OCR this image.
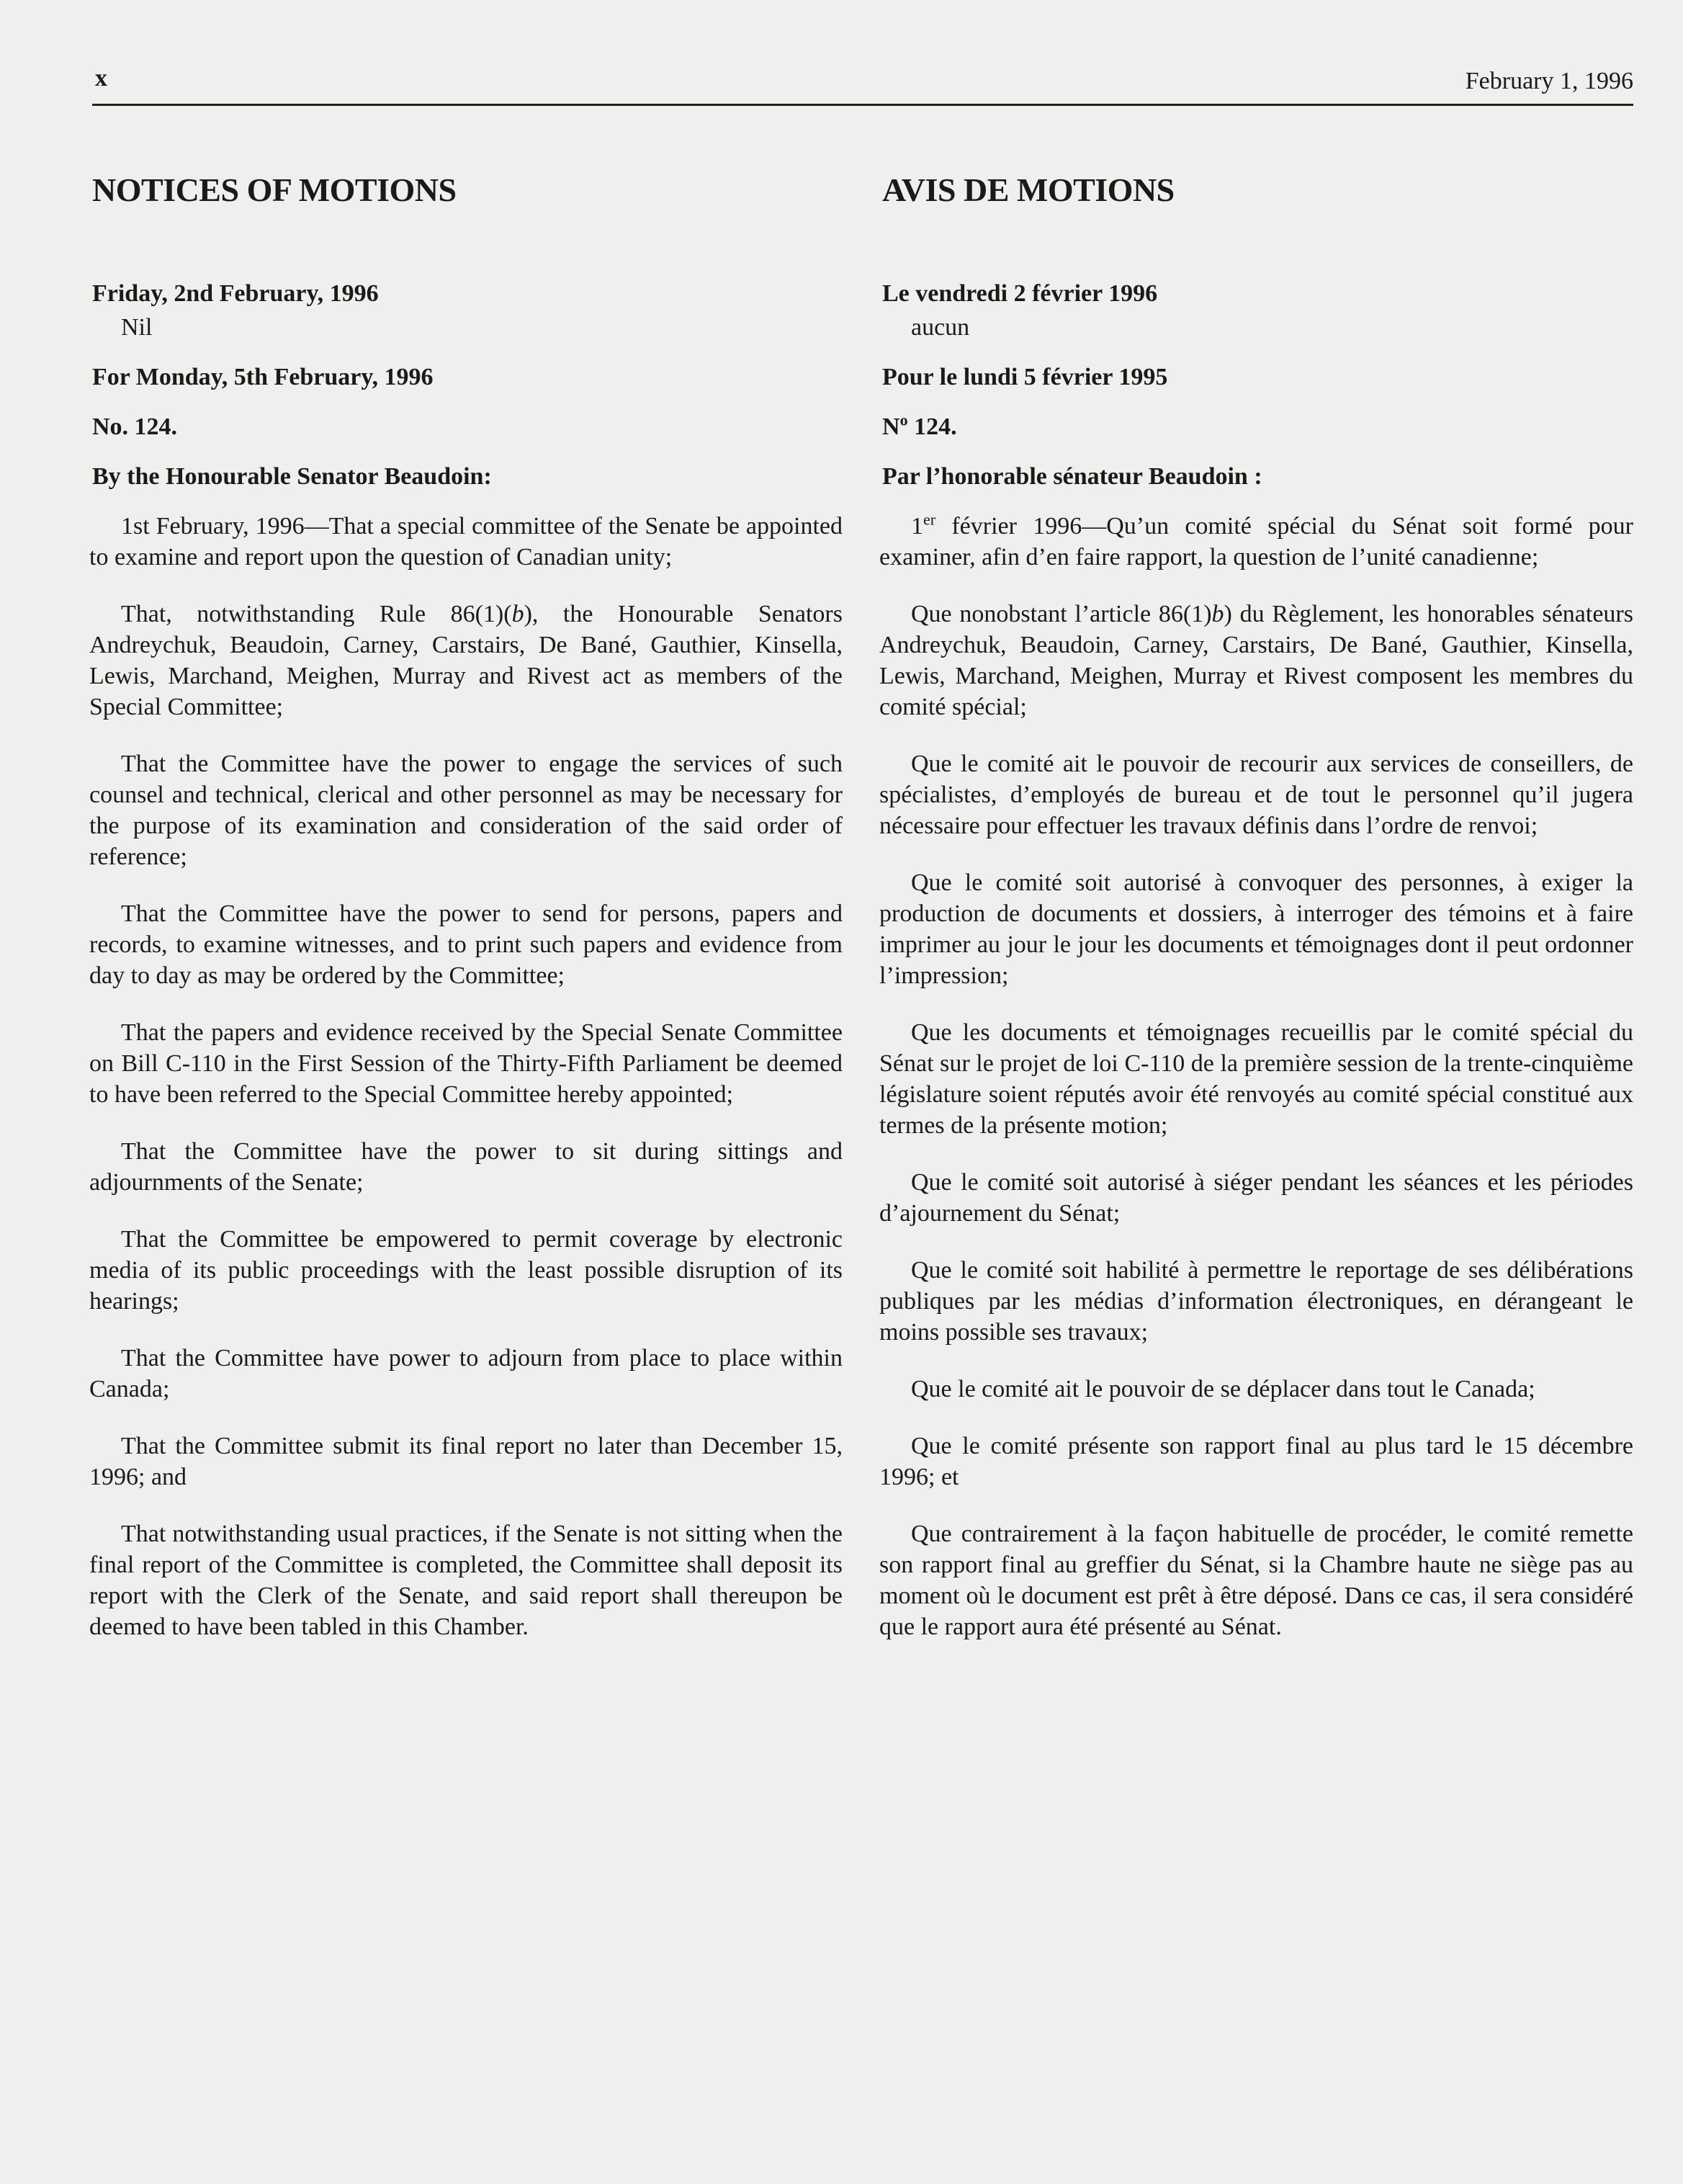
x	February 1, 1996
NOTICES OF MOTIONS
Friday, 2nd February, 1996
Nil
For Monday, 5th February, 1996
No. 124.
By the Honourable Senator Beaudoin:

1st February, 1996—That a special committee of the Senate be appointed to examine and report upon the question of Canadian unity;

That, notwithstanding Rule 86(1)(b), the Honourable Senators Andreychuk, Beaudoin, Carney, Carstairs, De Bané, Gauthier, Kinsella, Lewis, Marchand, Meighen, Murray and Rivest act as members of the Special Committee;

That the Committee have the power to engage the services of such counsel and technical, clerical and other personnel as may be necessary for the purpose of its examination and consideration of the said order of reference;

That the Committee have the power to send for persons, papers and records, to examine witnesses, and to print such papers and evidence from day to day as may be ordered by the Committee;

That the papers and evidence received by the Special Senate Committee on Bill C-110 in the First Session of the Thirty-Fifth Parliament be deemed to have been referred to the Special Committee hereby appointed;

That the Committee have the power to sit during sittings and adjournments of the Senate;

That the Committee be empowered to permit coverage by electronic media of its public proceedings with the least possible disruption of its hearings;

That the Committee have power to adjourn from place to place within Canada;

That the Committee submit its final report no later than December 15, 1996; and

That notwithstanding usual practices, if the Senate is not sitting when the final report of the Committee is completed, the Committee shall deposit its report with the Clerk of the Senate, and said report shall thereupon be deemed to have been tabled in this Chamber.

AVIS DE MOTIONS
Le vendredi 2 février 1996
aucun
Pour le lundi 5 février 1995
$N^o$ 124.
Par l’honorable sénateur Beaudoin :

1er février 1996—Qu’un comité spécial du Sénat soit formé pour examiner, afin d’en faire rapport, la question de l’unité canadienne;

Que nonobstant l’article 86(1)b) du Règlement, les honorables sénateurs Andreychuk, Beaudoin, Carney, Carstairs, De Bané, Gauthier, Kinsella, Lewis, Marchand, Meighen, Murray et Rivest composent les membres du comité spécial;

Que le comité ait le pouvoir de recourir aux services de conseillers, de spécialistes, d’employés de bureau et de tout le personnel qu’il jugera nécessaire pour effectuer les travaux définis dans l’ordre de renvoi;

Que le comité soit autorisé à convoquer des personnes, à exiger la production de documents et dossiers, à interroger des témoins et à faire imprimer au jour le jour les documents et témoignages dont il peut ordonner l’impression;

Que les documents et témoignages recueillis par le comité spécial du Sénat sur le projet de loi C-110 de la première session de la trente-cinquième législature soient réputés avoir été renvoyés au comité spécial constitué aux termes de la présente motion;

Que le comité soit autorisé à siéger pendant les séances et les périodes d’ajournement du Sénat;

Que le comité soit habilité à permettre le reportage de ses délibérations publiques par les médias d’information électroniques, en dérangeant le moins possible ses travaux;

Que le comité ait le pouvoir de se déplacer dans tout le Canada;

Que le comité présente son rapport final au plus tard le 15 décembre 1996; et

Que contrairement à la façon habituelle de procéder, le comité remette son rapport final au greffier du Sénat, si la Chambre haute ne siège pas au moment où le document est prêt à être déposé. Dans ce cas, il sera considéré que le rapport aura été présenté au Sénat.
